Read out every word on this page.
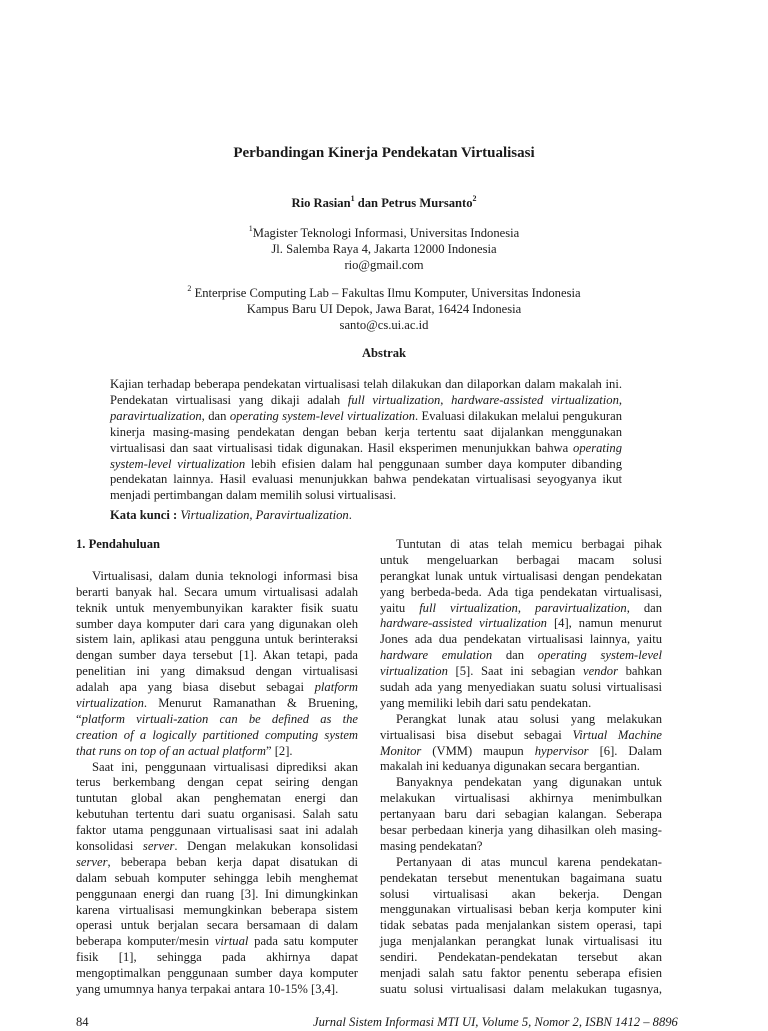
Perbandingan Kinerja Pendekatan Virtualisasi
Rio Rasian$^1$ dan Petrus Mursanto$^2$
$^1$Magister Teknologi Informasi, Universitas Indonesia
Jl. Salemba Raya 4, Jakarta 12000 Indonesia
rio@gmail.com
$^2$ Enterprise Computing Lab – Fakultas Ilmu Komputer, Universitas Indonesia
Kampus Baru UI Depok, Jawa Barat, 16424 Indonesia
santo@cs.ui.ac.id
Abstrak
Kajian terhadap beberapa pendekatan virtualisasi telah dilakukan dan dilaporkan dalam makalah ini. Pendekatan virtualisasi yang dikaji adalah full virtualization, hardware-assisted virtualization, paravirtualization, dan operating system-level virtualization. Evaluasi dilakukan melalui pengukuran kinerja masing-masing pendekatan dengan beban kerja tertentu saat dijalankan menggunakan virtualisasi dan saat virtualisasi tidak digunakan. Hasil eksperimen menunjukkan bahwa operating system-level virtualization lebih efisien dalam hal penggunaan sumber daya komputer dibanding pendekatan lainnya. Hasil evaluasi menunjukkan bahwa pendekatan virtualisasi seyogyanya ikut menjadi pertimbangan dalam memilih solusi virtualisasi.
Kata kunci : Virtualization, Paravirtualization.
1. Pendahuluan
Virtualisasi, dalam dunia teknologi informasi bisa
berarti banyak hal. Secara umum virtualisasi adalah
teknik untuk menyembunyikan karakter fisik suatu
sumber daya komputer dari cara yang digunakan oleh
sistem lain, aplikasi atau pengguna untuk berinteraksi
dengan sumber daya tersebut [1]. Akan tetapi, pada
penelitian ini yang dimaksud dengan virtualisasi
adalah apa yang biasa disebut sebagai platform
virtualization. Menurut Ramanathan & Bruening,
“platform virtuali-zation can be defined as the
creation of a logically partitioned computing system
that runs on top of an actual platform” [2].
Saat ini, penggunaan virtualisasi diprediksi akan
terus berkembang dengan cepat seiring dengan
tuntutan global akan penghematan energi dan
kebutuhan tertentu dari suatu organisasi. Salah satu
faktor utama penggunaan virtualisasi saat ini adalah
konsolidasi server. Dengan melakukan konsolidasi
server, beberapa beban kerja dapat disatukan di
dalam sebuah komputer sehingga lebih menghemat
penggunaan energi dan ruang [3]. Ini dimungkinkan
karena virtualisasi memungkinkan beberapa sistem
operasi untuk berjalan secara bersamaan di dalam
beberapa komputer/mesin virtual pada satu komputer
fisik [1], sehingga pada akhirnya dapat
mengoptimalkan penggunaan sumber daya komputer
yang umumnya hanya terpakai antara 10-15% [3,4].
Tuntutan di atas telah memicu berbagai pihak
untuk mengeluarkan berbagai macam solusi
perangkat lunak untuk virtualisasi dengan pendekatan
yang berbeda-beda. Ada tiga pendekatan virtualisasi,
yaitu full virtualization, paravirtualization, dan
hardware-assisted virtualization [4], namun menurut
Jones ada dua pendekatan virtualisasi lainnya, yaitu
hardware emulation dan operating system-level
virtualization [5]. Saat ini sebagian vendor bahkan
sudah ada yang menyediakan suatu solusi virtualisasi
yang memiliki lebih dari satu pendekatan.
Perangkat lunak atau solusi yang melakukan
virtualisasi bisa disebut sebagai Virtual Machine
Monitor (VMM) maupun hypervisor [6]. Dalam
makalah ini keduanya digunakan secara bergantian.
Banyaknya pendekatan yang digunakan untuk
melakukan virtualisasi akhirnya menimbulkan
pertanyaan baru dari sebagian kalangan. Seberapa
besar perbedaan kinerja yang dihasilkan oleh masing-
masing pendekatan?
Pertanyaan di atas muncul karena pendekatan-
pendekatan tersebut menentukan bagaimana suatu
solusi virtualisasi akan bekerja. Dengan
menggunakan virtualisasi beban kerja komputer kini
tidak sebatas pada menjalankan sistem operasi, tapi
juga menjalankan perangkat lunak virtualisasi itu
sendiri. Pendekatan-pendekatan tersebut akan
menjadi salah satu faktor penentu seberapa efisien
suatu solusi virtualisasi dalam melakukan tugasnya,
84	Jurnal Sistem Informasi MTI UI, Volume 5, Nomor 2, ISBN 1412 – 8896
